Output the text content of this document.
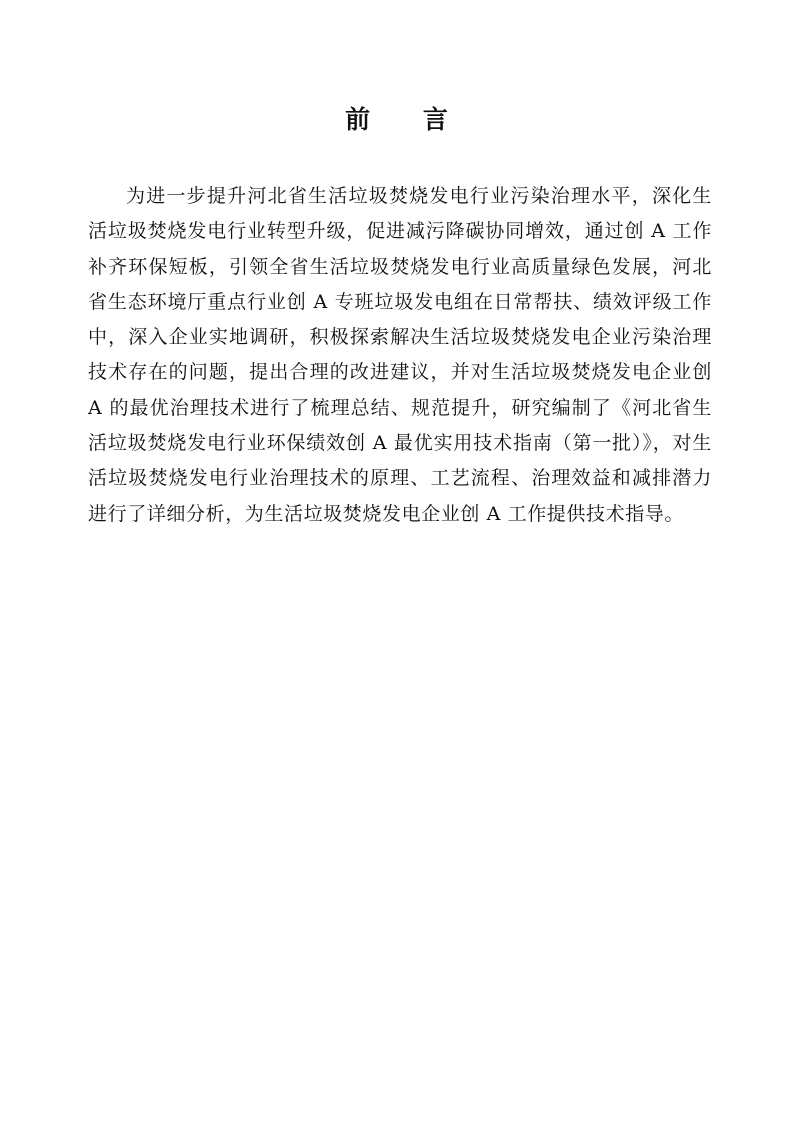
前 言

为进一步提升河北省生活垃圾焚烧发电行业污染治理水平，深化生活垃圾焚烧发电行业转型升级，促进减污降碳协同增效，通过创 A 工作补齐环保短板，引领全省生活垃圾焚烧发电行业高质量绿色发展，河北省生态环境厅重点行业创 A 专班垃圾发电组在日常帮扶、绩效评级工作中，深入企业实地调研，积极探索解决生活垃圾焚烧发电企业污染治理技术存在的问题，提出合理的改进建议，并对生活垃圾焚烧发电企业创 A 的最优治理技术进行了梳理总结、规范提升，研究编制了《河北省生活垃圾焚烧发电行业环保绩效创 A 最优实用技术指南（第一批）》，对生活垃圾焚烧发电行业治理技术的原理、工艺流程、治理效益和减排潜力进行了详细分析，为生活垃圾焚烧发电企业创 A 工作提供技术指导。
